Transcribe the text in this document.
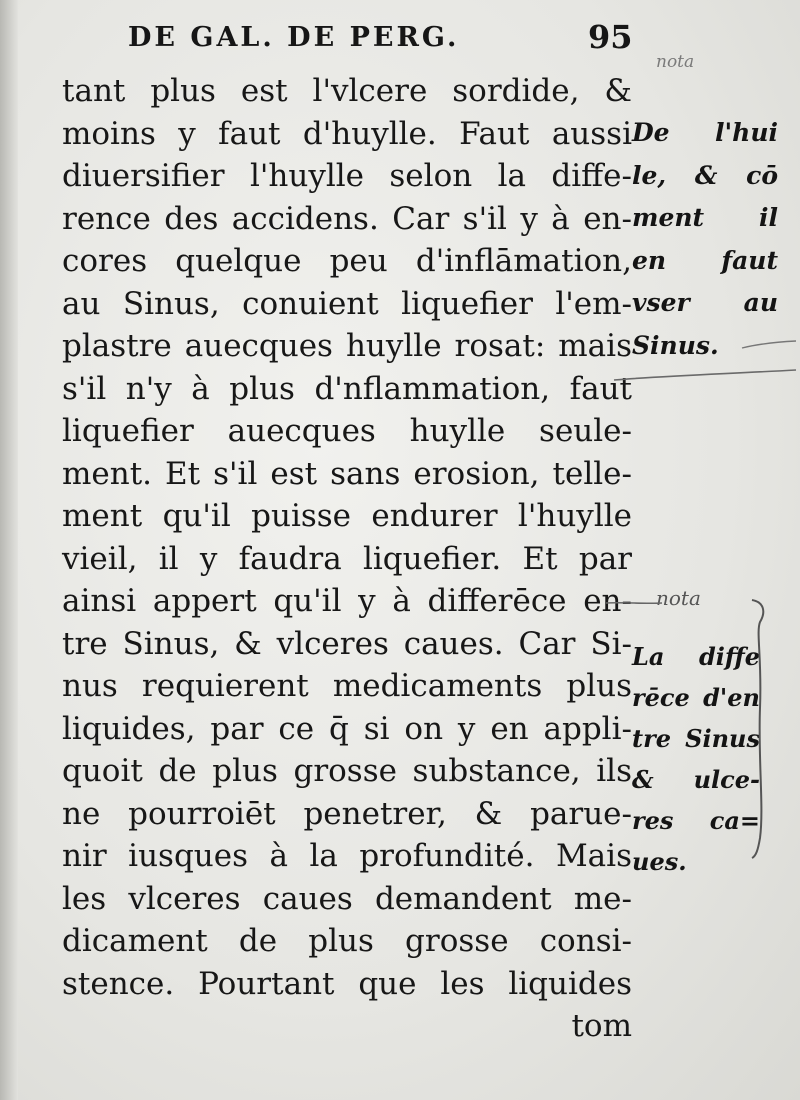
DE GAL. DE PERG.	95
nota
tant plus est l'vlcere sordide, &
moins y faut d'huylle. Faut aussi
diuersifier l'huylle selon la diffe-
rence des accidens. Car s'il y à en-
cores quelque peu d'inflāmation,
au Sinus, conuient liquefier l'em-
plastre auecques huylle rosat: mais
s'il n'y à plus d'nflammation, faut
liquefier auecques huylle seule-
ment. Et s'il est sans erosion, telle-
ment qu'il puisse endurer l'huylle
vieil, il y faudra liquefier. Et par
ainsi appert qu'il y à differēce en-
tre Sinus, & vlceres caues. Car Si-
nus requierent medicaments plus
liquides, par ce q̄ si on y en appli-
quoit de plus grosse substance, ils
ne pourroiēt penetrer, & parue-
nir iusques à la profundité. Mais
les vlceres caues demandent me-
dicament de plus grosse consi-
stence. Pourtant que les liquides
tom
De l'hui
le, & cō
ment il
en faut
vser au
Sinus.
nota
La diffe
rēce d'en
tre Sinus
& ulce-
res ca=
ues.
